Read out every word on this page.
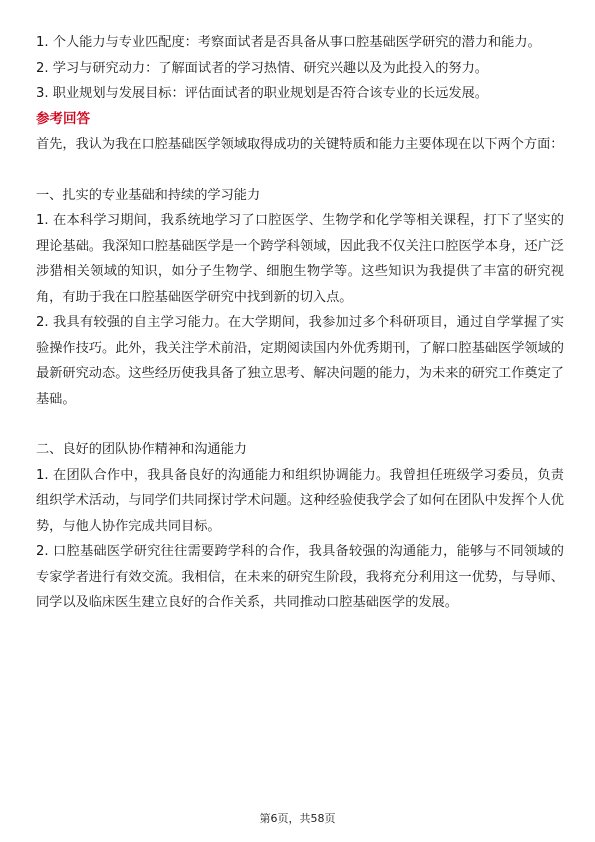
1. 个人能力与专业匹配度：考察面试者是否具备从事口腔基础医学研究的潜力和能力。

2. 学习与研究动力：了解面试者的学习热情、研究兴趣以及为此投入的努力。

3. 职业规划与发展目标：评估面试者的职业规划是否符合该专业的长远发展。

参考回答

首先，我认为我在口腔基础医学领域取得成功的关键特质和能力主要体现在以下两个方面：

一、扎实的专业基础和持续的学习能力

1. 在本科学习期间，我系统地学习了口腔医学、生物学和化学等相关课程，打下了坚实的理论基础。我深知口腔基础医学是一个跨学科领域，因此我不仅关注口腔医学本身，还广泛涉猎相关领域的知识，如分子生物学、细胞生物学等。这些知识为我提供了丰富的研究视角，有助于我在口腔基础医学研究中找到新的切入点。

2. 我具有较强的自主学习能力。在大学期间，我参加过多个科研项目，通过自学掌握了实验操作技巧。此外，我关注学术前沿，定期阅读国内外优秀期刊，了解口腔基础医学领域的最新研究动态。这些经历使我具备了独立思考、解决问题的能力，为未来的研究工作奠定了基础。

二、良好的团队协作精神和沟通能力

1. 在团队合作中，我具备良好的沟通能力和组织协调能力。我曾担任班级学习委员，负责组织学术活动，与同学们共同探讨学术问题。这种经验使我学会了如何在团队中发挥个人优势，与他人协作完成共同目标。

2. 口腔基础医学研究往往需要跨学科的合作，我具备较强的沟通能力，能够与不同领域的专家学者进行有效交流。我相信，在未来的研究生阶段，我将充分利用这一优势，与导师、同学以及临床医生建立良好的合作关系，共同推动口腔基础医学的发展。

第6页，共58页
